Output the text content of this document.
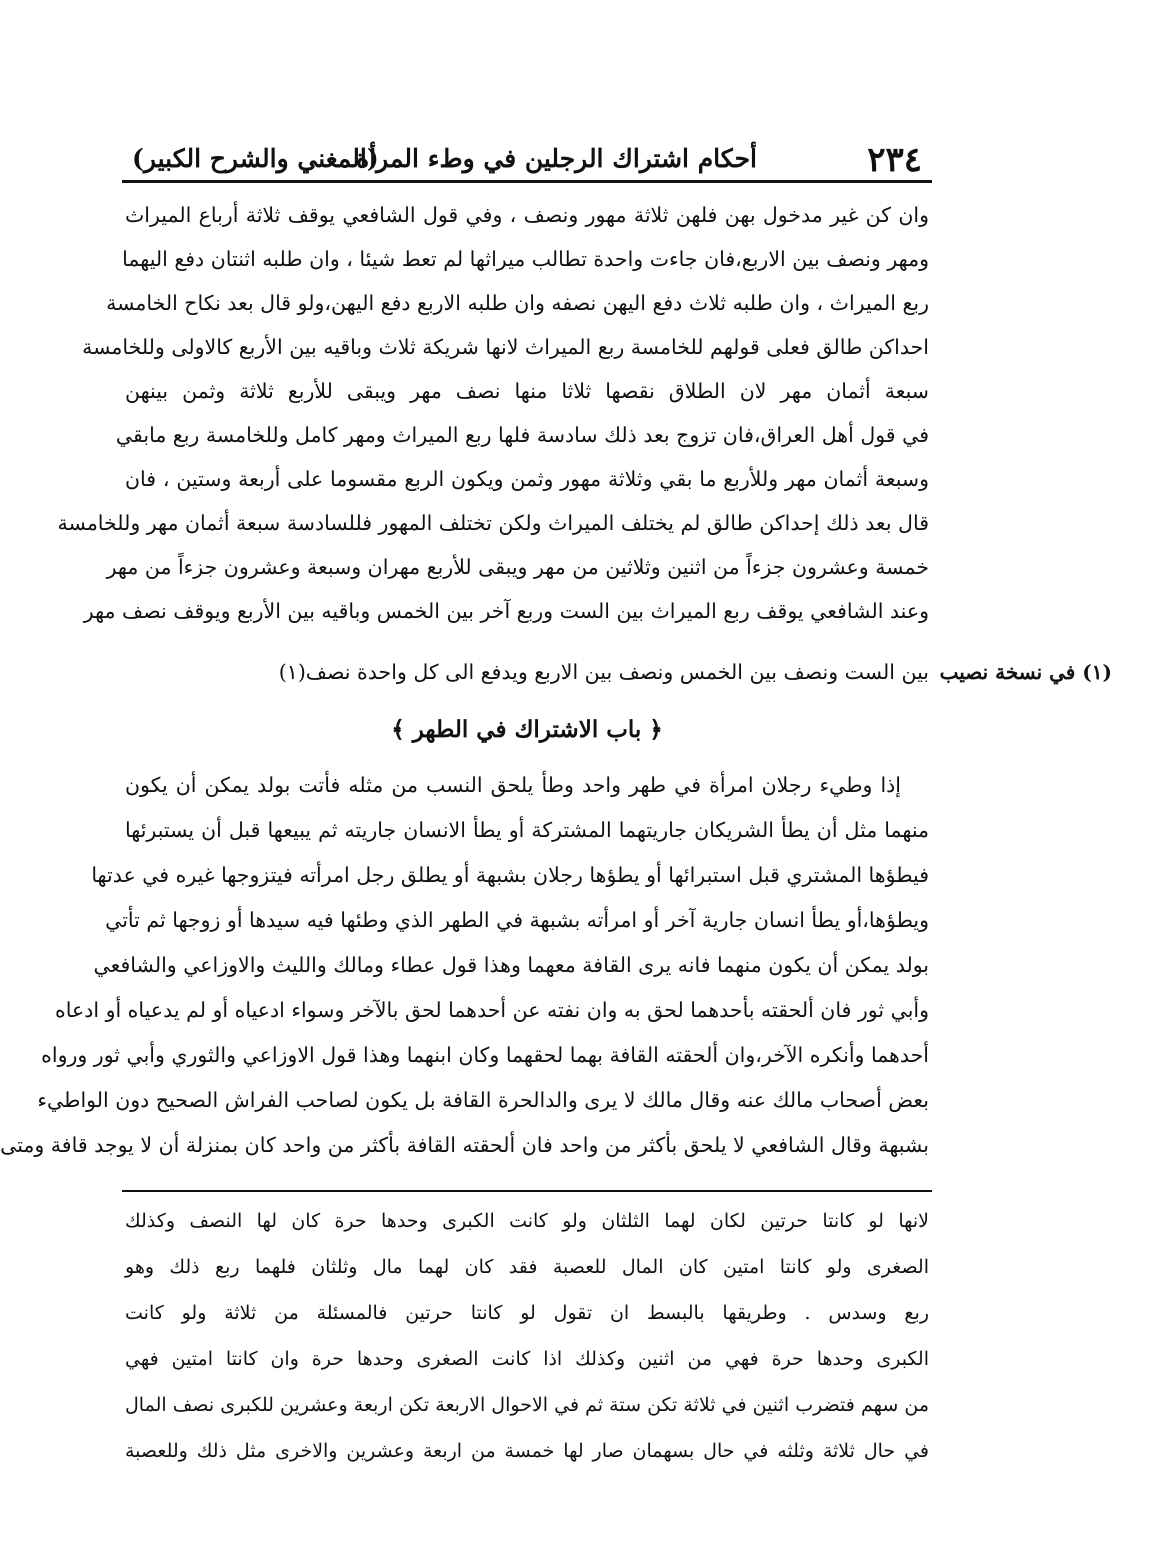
٢٣٤
أحكام اشتراك الرجلين في وطء المرأة
(المغني والشرح الكبير)
وان كن غير مدخول بهن فلهن ثلاثة مهور ونصف ، وفي قول الشافعي يوقف ثلاثة أرباع الميراث
ومهر ونصف بين الاربع،فان جاءت واحدة تطالب ميراثها لم تعط شيئا ، وان طلبه اثنتان دفع اليهما
ربع الميراث ، وان طلبه ثلاث دفع اليهن نصفه وان طلبه الاربع دفع اليهن،ولو قال بعد نكاح الخامسة
احداكن طالق فعلى قولهم للخامسة ربع الميراث لانها شريكة ثلاث وباقيه بين الأربع كالاولى وللخامسة
سبعة أثمان مهر لان الطلاق نقصها ثلاثا منها نصف مهر ويبقى للأربع ثلاثة وثمن بينهن
في قول أهل العراق،فان تزوج بعد ذلك سادسة فلها ربع الميراث ومهر كامل وللخامسة ربع مابقي
وسبعة أثمان مهر وللأربع ما بقي وثلاثة مهور وثمن ويكون الربع مقسوما على أربعة وستين ، فان
قال بعد ذلك إحداكن طالق لم يختلف الميراث ولكن تختلف المهور فللسادسة سبعة أثمان مهر وللخامسة
خمسة وعشرون جزءاً من اثنين وثلاثين من مهر ويبقى للأربع مهران وسبعة وعشرون جزءاً من مهر
وعند الشافعي يوقف ربع الميراث بين الست وربع آخر بين الخمس وباقيه بين الأربع ويوقف نصف مهر
بين الست ونصف بين الخمس ونصف بين الاربع ويدفع الى كل واحدة نصف(١) (١) في نسخة نصيب
﴿ باب الاشتراك في الطهر ﴾
إذا وطيء رجلان امرأة في طهر واحد وطأ يلحق النسب من مثله فأتت بولد يمكن أن يكون
منهما مثل أن يطأ الشريكان جاريتهما المشتركة أو يطأ الانسان جاريته ثم يبيعها قبل أن يستبرئها
فيطؤها المشتري قبل استبرائها أو يطؤها رجلان بشبهة أو يطلق رجل امرأته فيتزوجها غيره في عدتها
ويطؤها،أو يطأ انسان جارية آخر أو امرأته بشبهة في الطهر الذي وطئها فيه سيدها أو زوجها ثم تأتي
بولد يمكن أن يكون منهما فانه يرى القافة معهما وهذا قول عطاء ومالك والليث والاوزاعي والشافعي
وأبي ثور فان ألحقته بأحدهما لحق به وان نفته عن أحدهما لحق بالآخر وسواء ادعياه أو لم يدعياه أو ادعاه
أحدهما وأنكره الآخر،وان ألحقته القافة بهما لحقهما وكان ابنهما وهذا قول الاوزاعي والثوري وأبي ثور ورواه
بعض أصحاب مالك عنه وقال مالك لا يرى والدالحرة القافة بل يكون لصاحب الفراش الصحيح دون الواطيء
بشبهة وقال الشافعي لا يلحق بأكثر من واحد فان ألحقته القافة بأكثر من واحد كان بمنزلة أن لا يوجد قافة ومتى
لانها لو كانتا حرتين لكان لهما الثلثان ولو كانت الكبرى وحدها حرة كان لها النصف وكذلك
الصغرى ولو كانتا امتين كان المال للعصبة فقد كان لهما مال وثلثان فلهما ربع ذلك وهو
ربع وسدس . وطريقها بالبسط ان تقول لو كانتا حرتين فالمسئلة من ثلاثة ولو كانت
الكبرى وحدها حرة فهي من اثنين وكذلك اذا كانت الصغرى وحدها حرة وان كانتا امتين فهي
من سهم فتضرب اثنين في ثلاثة تكن ستة ثم في الاحوال الاربعة تكن اربعة وعشرين للكبرى نصف المال
في حال ثلاثة وثلثه في حال بسهمان صار لها خمسة من اربعة وعشرين والاخرى مثل ذلك وللعصبة
